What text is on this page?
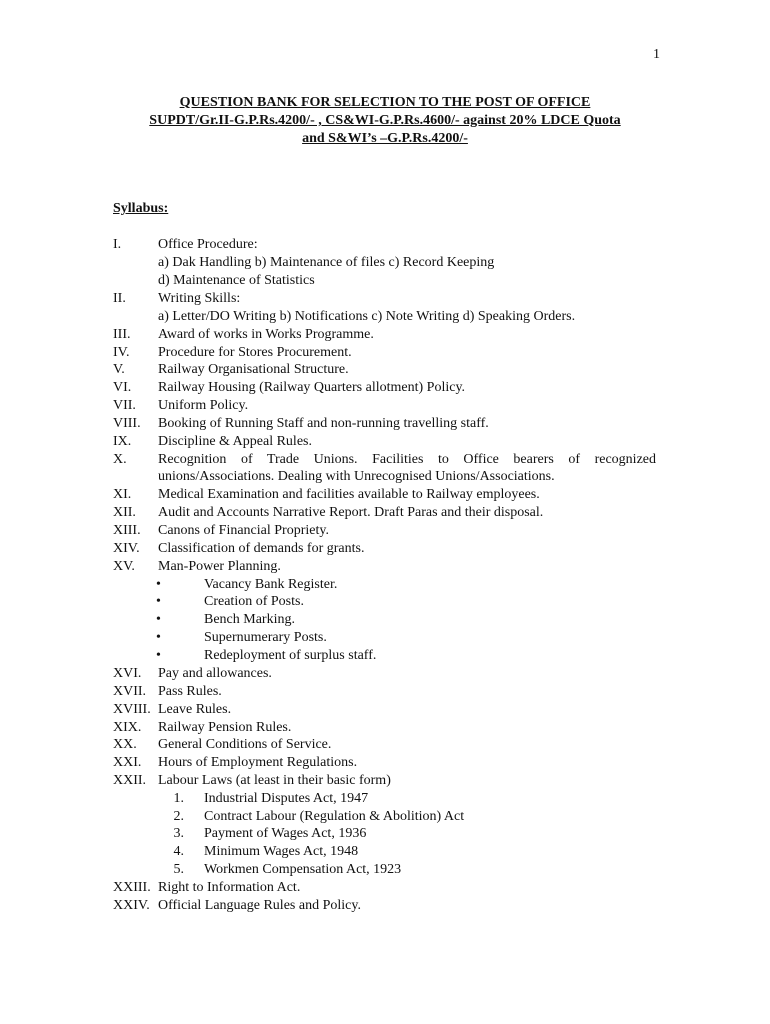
1
QUESTION BANK FOR SELECTION TO THE POST OF OFFICE
SUPDT/Gr.II-G.P.Rs.4200/- , CS&WI-G.P.Rs.4600/- against 20% LDCE Quota
and S&WI’s –G.P.Rs.4200/-
Syllabus:
I.	Office Procedure:
a) Dak Handling b) Maintenance of files c) Record Keeping
d) Maintenance of Statistics
II. Writing Skills:
a) Letter/DO Writing b) Notifications c) Note Writing d) Speaking Orders.
III. Award of works in Works Programme.
IV. Procedure for Stores Procurement.
V. Railway Organisational Structure.
VI. Railway Housing (Railway Quarters allotment) Policy.
VII. Uniform Policy.
VIII. Booking of Running Staff and non-running travelling staff.
IX. Discipline & Appeal Rules.
X. Recognition of Trade Unions. Facilities to Office bearers of recognized
unions/Associations. Dealing with Unrecognised Unions/Associations.
XI. Medical Examination and facilities available to Railway employees.
XII. Audit and Accounts Narrative Report. Draft Paras and their disposal.
XIII. Canons of Financial Propriety.
XIV. Classification of demands for grants.
XV. Man-Power Planning.
•	Vacancy Bank Register.
•	Creation of Posts.
•	Bench Marking.
•	Supernumerary Posts.
•	Redeployment of surplus staff.
XVI. Pay and allowances.
XVII. Pass Rules.
XVIII. Leave Rules.
XIX. Railway Pension Rules.
XX. General Conditions of Service.
XXI. Hours of Employment Regulations.
XXII. Labour Laws (at least in their basic form)
1. Industrial Disputes Act, 1947
2. Contract Labour (Regulation & Abolition) Act
3. Payment of Wages Act, 1936
4. Minimum Wages Act, 1948
5. Workmen Compensation Act, 1923
XXIII. Right to Information Act.
XXIV. Official Language Rules and Policy.
